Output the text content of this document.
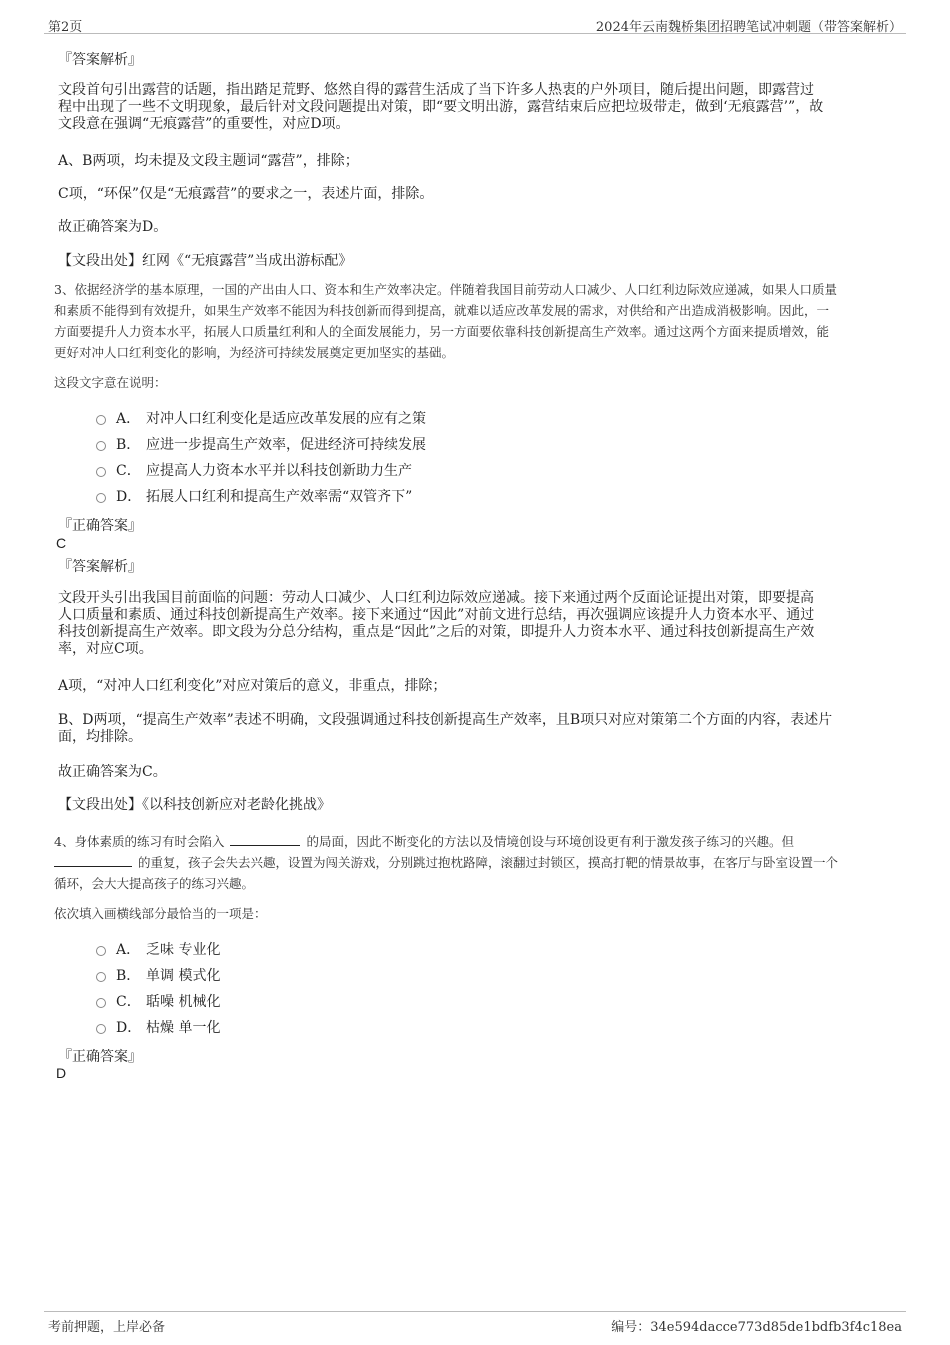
第2页	2024年云南魏桥集团招聘笔试冲刺题（带答案解析）
『答案解析』
文段首句引出露营的话题，指出踏足荒野、悠然自得的露营生活成了当下许多人热衷的户外项目，随后提出问题，即露营过
程中出现了一些不文明现象，最后针对文段问题提出对策，即“要文明出游，露营结束后应把垃圾带走，做到‘无痕露营’”，故
文段意在强调“无痕露营”的重要性，对应D项。
A、B两项，均未提及文段主题词“露营”，排除；
C项，“环保”仅是“无痕露营”的要求之一，表述片面，排除。
故正确答案为D。
【文段出处】红网《“无痕露营”当成出游标配》
3、依据经济学的基本原理，一国的产出由人口、资本和生产效率决定。伴随着我国目前劳动人口减少、人口红利边际效应递减，如果人口质量
和素质不能得到有效提升，如果生产效率不能因为科技创新而得到提高，就难以适应改革发展的需求，对供给和产出造成消极影响。因此，一
方面要提升人力资本水平，拓展人口质量红利和人的全面发展能力，另一方面要依靠科技创新提高生产效率。通过这两个方面来提质增效，能
更好对冲人口红利变化的影响，为经济可持续发展奠定更加坚实的基础。
这段文字意在说明：
A． 对冲人口红利变化是适应改革发展的应有之策
B． 应进一步提高生产效率，促进经济可持续发展
C． 应提高人力资本水平并以科技创新助力生产
D． 拓展人口红利和提高生产效率需“双管齐下”
『正确答案』
C
『答案解析』
文段开头引出我国目前面临的问题：劳动人口减少、人口红利边际效应递减。接下来通过两个反面论证提出对策，即要提高
人口质量和素质、通过科技创新提高生产效率。接下来通过“因此”对前文进行总结，再次强调应该提升人力资本水平、通过
科技创新提高生产效率。即文段为分总分结构，重点是“因此”之后的对策，即提升人力资本水平、通过科技创新提高生产效
率，对应C项。
A项，“对冲人口红利变化”对应对策后的意义，非重点，排除；
B、D两项，“提高生产效率”表述不明确，文段强调通过科技创新提高生产效率，且B项只对应对策第二个方面的内容，表述片
面，均排除。
故正确答案为C。
【文段出处】《以科技创新应对老龄化挑战》
4、身体素质的练习有时会陷入	的局面，因此不断变化的方法以及情境创设与环境创设更有利于激发孩子练习的兴趣。但
的重复，孩子会失去兴趣，设置为闯关游戏，分别跳过抱枕路障，滚翻过封锁区，摸高打靶的情景故事，在客厅与卧室设置一个
循环，会大大提高孩子的练习兴趣。
依次填入画横线部分最恰当的一项是：
A． 乏味 专业化
B． 单调 模式化
C． 聒噪 机械化
D． 枯燥 单一化
『正确答案』
D
考前押题，上岸必备	编号：34e594dacce773d85de1bdfb3f4c18ea
